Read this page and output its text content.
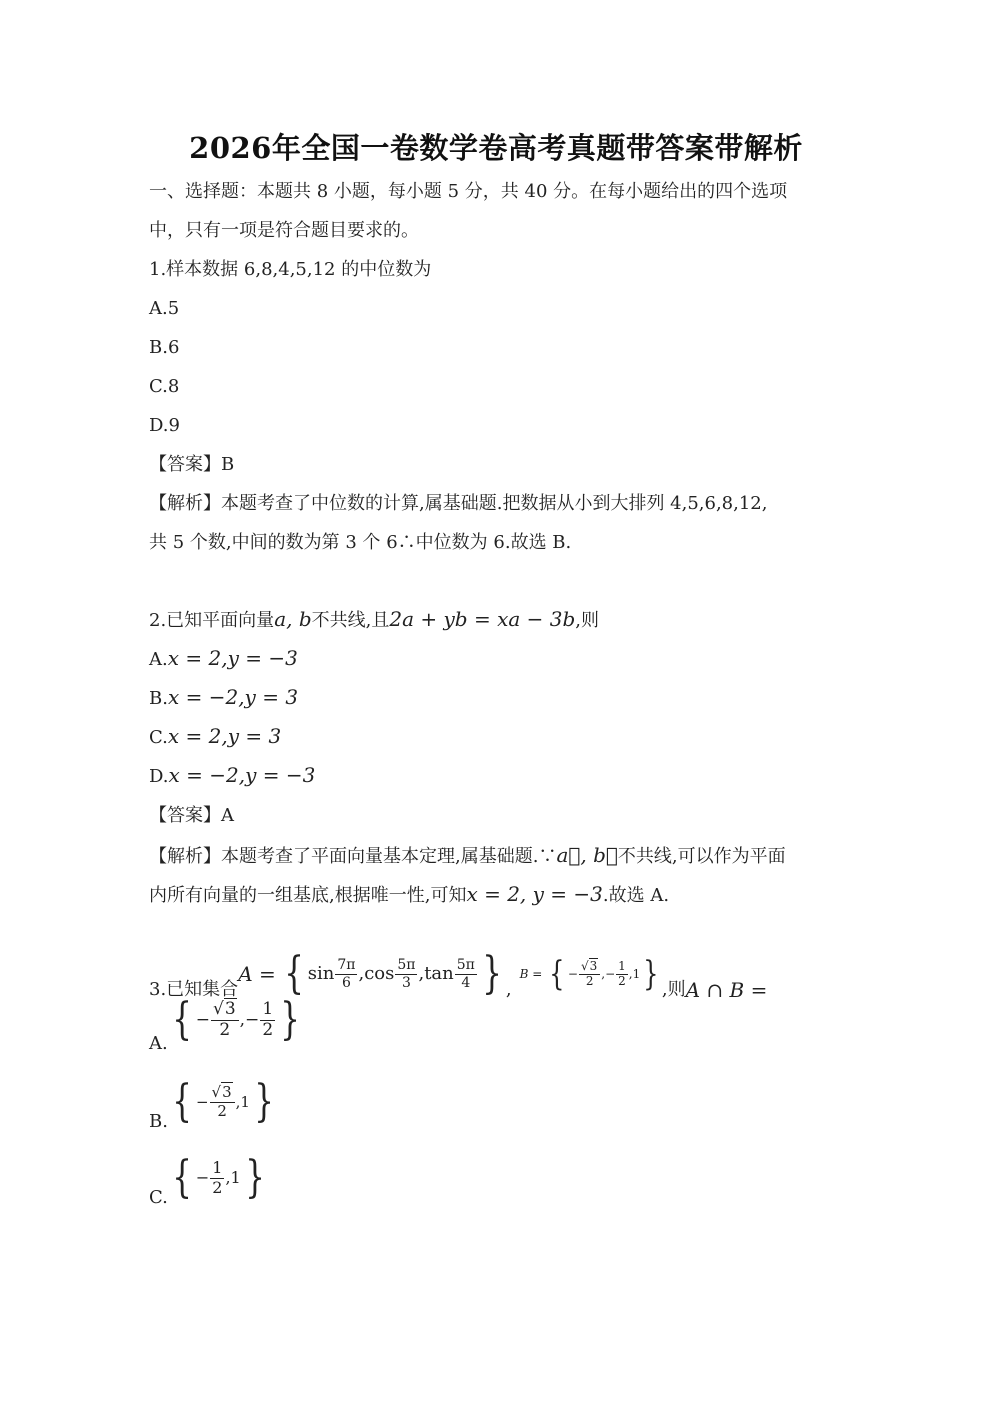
2026年全国一卷数学卷高考真题带答案带解析
一、选择题：本题共 8 小题，每小题 5 分，共 40 分。在每小题给出的四个选项
中，只有一项是符合题目要求的。
1.样本数据 6,8,4,5,12 的中位数为
A.5
B.6
C.8
D.9
【答案】B
【解析】本题考查了中位数的计算,属基础题.把数据从小到大排列 4,5,6,8,12,
共 5 个数,中间的数为第 3 个 6∴中位数为 6.故选 B.
2.已知平面向量a, b不共线,且2a + yb = xa − 3b,则
A.x = 2,y = −3
B.x = −2,y = 3
C.x = 2,y = 3
D.x = −2,y = −3
【答案】A
【解析】本题考查了平面向量基本定理,属基础题.∵a⃗, b⃗不共线,可以作为平面
内所有向量的一组基底,根据唯一性,可知x = 2, y = −3.故选 A.
3.已知集合
A = { $\sin \frac{7\pi}{6}$ , $\cos \frac{5\pi}{3}$ , $\tan \frac{5\pi}{4}$ } ,
B = { − $\frac{√3}{2}$ ,− $\frac{1}{2}$ , 1 } ,则 A ∩ B =
A. { − $\frac{√3}{2}$ ,− $\frac{1}{2}$ }
B. { − $\frac{√3}{2}$ , 1 }
C. { − $\frac{1}{2}$ , 1 }
